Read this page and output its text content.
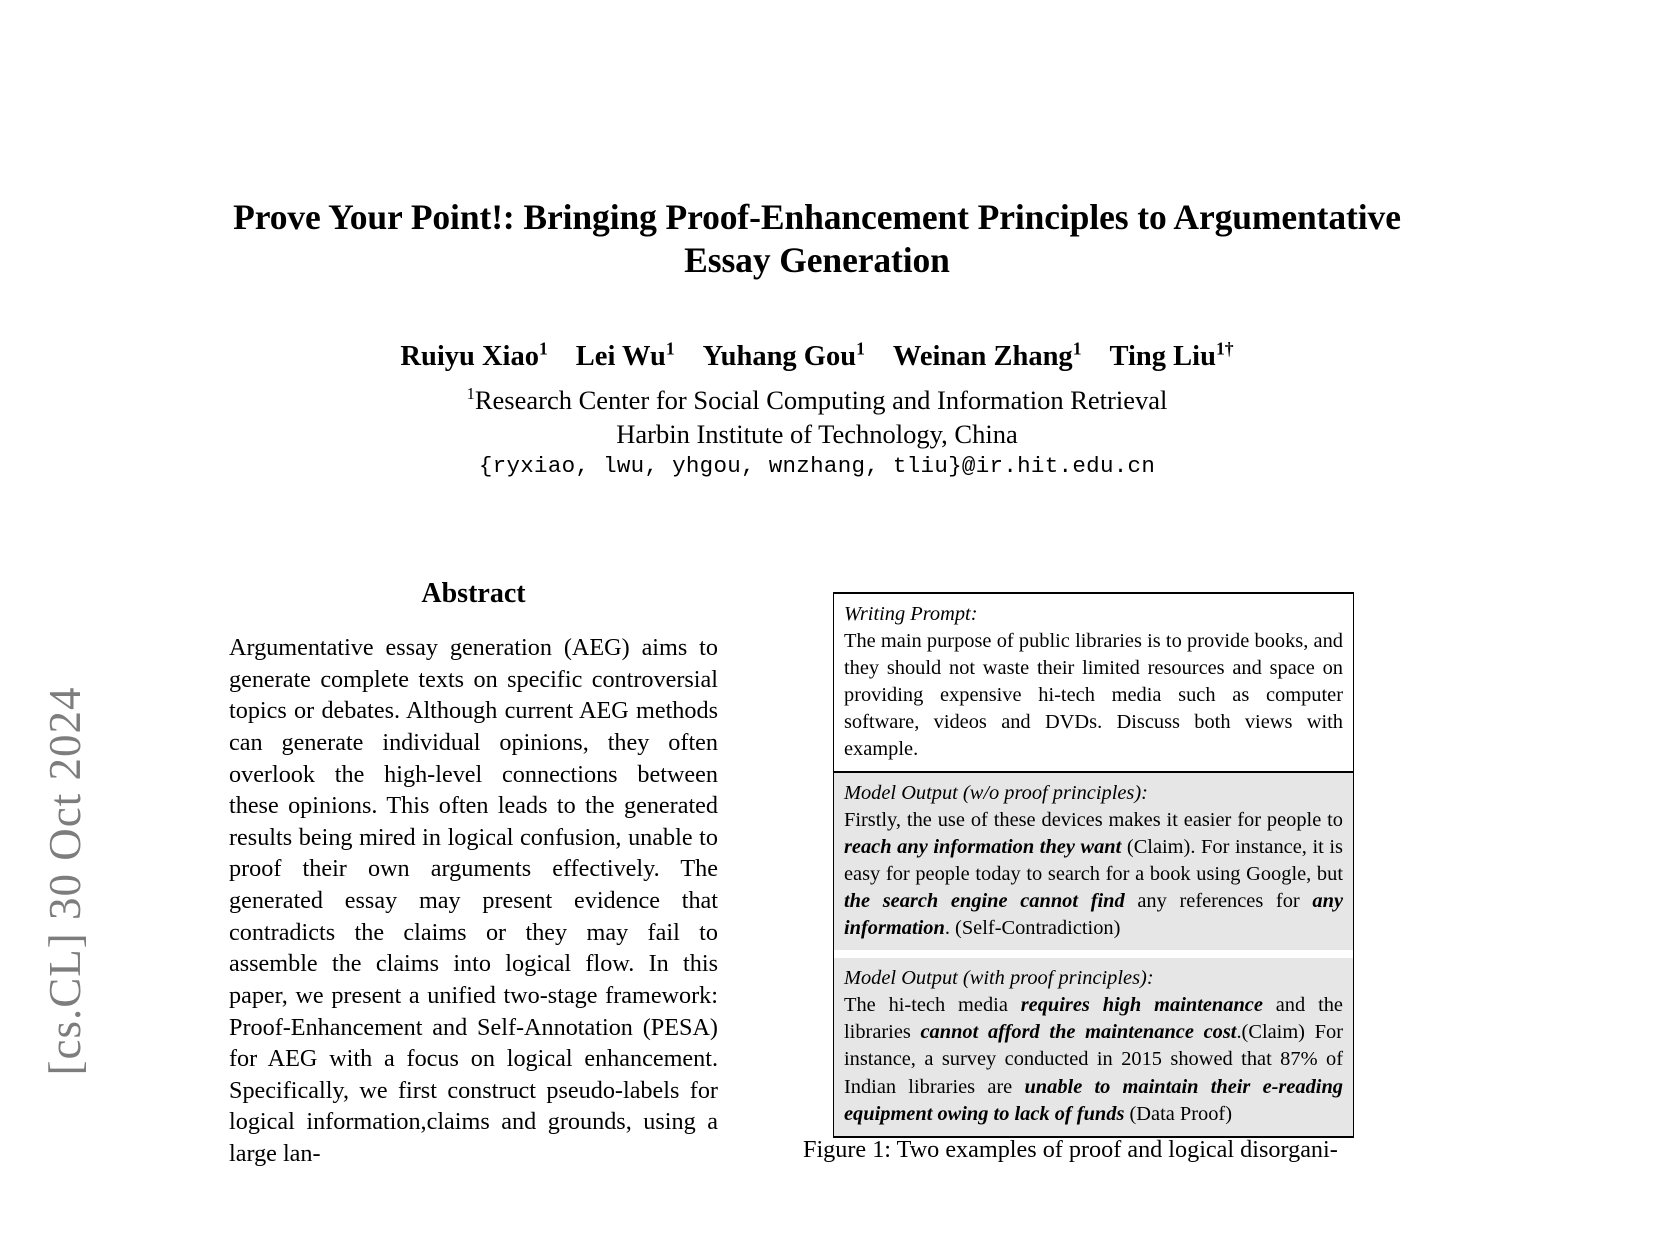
[cs.CL] 30 Oct 2024
Prove Your Point!: Bringing Proof-Enhancement Principles to Argumentative Essay Generation
Ruiyu Xiao$^1$ Lei Wu$^1$ Yuhang Gou$^1$ Weinan Zhang$^1$ Ting Liu$^{1\dagger}$
$^1$Research Center for Social Computing and Information Retrieval
Harbin Institute of Technology, China
{ryxiao, lwu, yhgou, wnzhang, tliu}@ir.hit.edu.cn
Abstract
Argumentative essay generation (AEG) aims to generate complete texts on specific controversial topics or debates. Although current AEG methods can generate individual opinions, they often overlook the high-level connections between these opinions. This often leads to the generated results being mired in logical confusion, unable to proof their own arguments effectively. The generated essay may present evidence that contradicts the claims or they may fail to assemble the claims into logical flow. In this paper, we present a unified two-stage framework: Proof-Enhancement and Self-Annotation (PESA) for AEG with a focus on logical enhancement. Specifically, we first construct pseudo-labels for logical information,claims and grounds, using a large lan-
Writing Prompt:
The main purpose of public libraries is to provide books, and they should not waste their limited resources and space on providing expensive hi-tech media such as computer software, videos and DVDs. Discuss both views with example.
Model Output (w/o proof principles):
Firstly, the use of these devices makes it easier for people to reach any information they want (Claim). For instance, it is easy for people today to search for a book using Google, but the search engine cannot find any references for any information. (Self-Contradiction)
Model Output (with proof principles):
The hi-tech media requires high maintenance and the libraries cannot afford the maintenance cost.(Claim) For instance, a survey conducted in 2015 showed that 87% of Indian libraries are unable to maintain their e-reading equipment owing to lack of funds (Data Proof)
Figure 1: Two examples of proof and logical disorgani-
